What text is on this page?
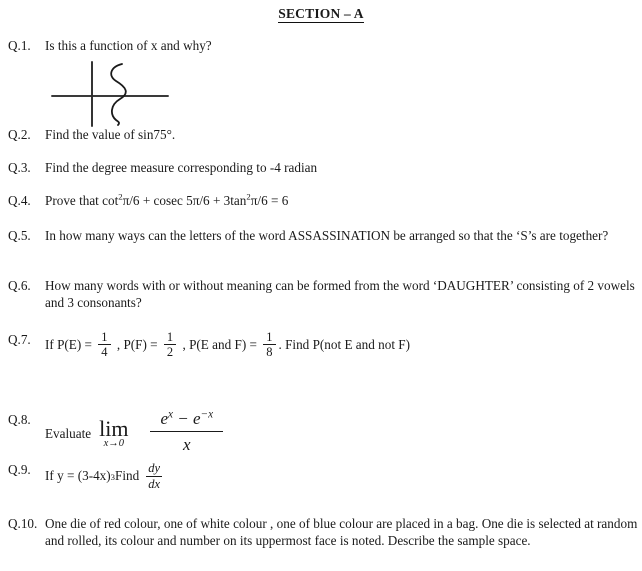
SECTION – A
Q.1.	Is this a function of x and why?
Q.2.	Find the value of sin75°.
Q.3.	Find the degree measure corresponding to -4 radian
Q.4.	Prove that $\cot^2\pi/6 + cosec$ $5\pi/6 + 3\tan^2\pi/6 = 6$
Q.5.	In how many ways can the letters of the word ASSASSINATION be arranged so that the ‘S’s are together?
Q.6.	How many words with or without meaning can be formed from the word ‘DAUGHTER’ consisting of 2 vowels and 3 consonants?
Q.7.	If $P(E) = \frac{1}{4}$ , $P(F) = \frac{1}{2}$ , P(E and $F) = \frac{1}{8}$ . Find P(not E and not F)
Q.8.
Evaluate lim
$x\to 0 \frac{e^x - e^{-x}}{x}$
Q.9.	If y = (3-4x) 3 Find $\frac{dy}{dx}$
Q.10. One die of red colour, one of white colour , one of blue colour are placed in a bag. One die is selected at random and rolled, its colour and number on its uppermost face is noted. Describe the sample space.
